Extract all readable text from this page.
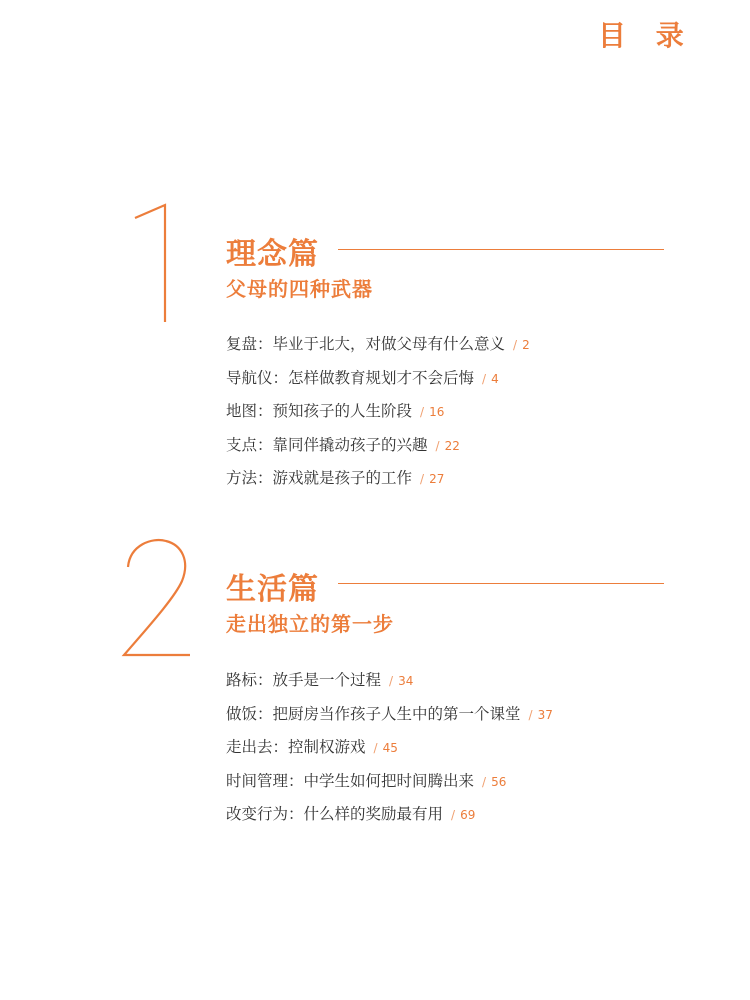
目 录
理念篇
父母的四种武器
复盘：毕业于北大，对做父母有什么意义 / 2
导航仪：怎样做教育规划才不会后悔 / 4
地图：预知孩子的人生阶段 / 16
支点：靠同伴撬动孩子的兴趣 / 22
方法：游戏就是孩子的工作 / 27
生活篇
走出独立的第一步
路标：放手是一个过程 / 34
做饭：把厨房当作孩子人生中的第一个课堂 / 37
走出去：控制权游戏 / 45
时间管理：中学生如何把时间腾出来 / 56
改变行为：什么样的奖励最有用 / 69
